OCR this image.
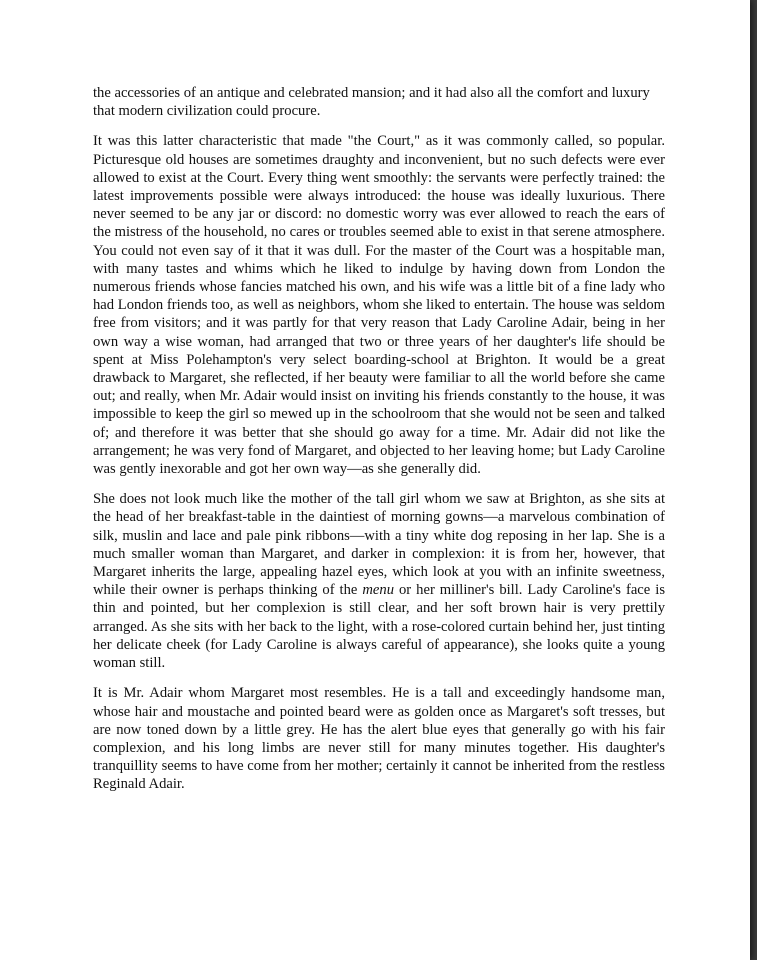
the accessories of an antique and celebrated mansion; and it had also all the comfort and luxury that modern civilization could procure.

It was this latter characteristic that made "the Court," as it was commonly called, so popular. Picturesque old houses are sometimes draughty and inconvenient, but no such defects were ever allowed to exist at the Court. Every thing went smoothly: the servants were perfectly trained: the latest improvements possible were always introduced: the house was ideally luxurious. There never seemed to be any jar or discord: no domestic worry was ever allowed to reach the ears of the mistress of the household, no cares or troubles seemed able to exist in that serene atmosphere. You could not even say of it that it was dull. For the master of the Court was a hospitable man, with many tastes and whims which he liked to indulge by having down from London the numerous friends whose fancies matched his own, and his wife was a little bit of a fine lady who had London friends too, as well as neighbors, whom she liked to entertain. The house was seldom free from visitors; and it was partly for that very reason that Lady Caroline Adair, being in her own way a wise woman, had arranged that two or three years of her daughter's life should be spent at Miss Polehampton's very select boarding-school at Brighton. It would be a great drawback to Margaret, she reflected, if her beauty were familiar to all the world before she came out; and really, when Mr. Adair would insist on inviting his friends constantly to the house, it was impossible to keep the girl so mewed up in the schoolroom that she would not be seen and talked of; and therefore it was better that she should go away for a time. Mr. Adair did not like the arrangement; he was very fond of Margaret, and objected to her leaving home; but Lady Caroline was gently inexorable and got her own way—as she generally did.

She does not look much like the mother of the tall girl whom we saw at Brighton, as she sits at the head of her breakfast-table in the daintiest of morning gowns—a marvelous combination of silk, muslin and lace and pale pink ribbons—with a tiny white dog reposing in her lap. She is a much smaller woman than Margaret, and darker in complexion: it is from her, however, that Margaret inherits the large, appealing hazel eyes, which look at you with an infinite sweetness, while their owner is perhaps thinking of the menu or her milliner's bill. Lady Caroline's face is thin and pointed, but her complexion is still clear, and her soft brown hair is very prettily arranged. As she sits with her back to the light, with a rose-colored curtain behind her, just tinting her delicate cheek (for Lady Caroline is always careful of appearance), she looks quite a young woman still.

It is Mr. Adair whom Margaret most resembles. He is a tall and exceedingly handsome man, whose hair and moustache and pointed beard were as golden once as Margaret's soft tresses, but are now toned down by a little grey. He has the alert blue eyes that generally go with his fair complexion, and his long limbs are never still for many minutes together. His daughter's tranquillity seems to have come from her mother; certainly it cannot be inherited from the restless Reginald Adair.
